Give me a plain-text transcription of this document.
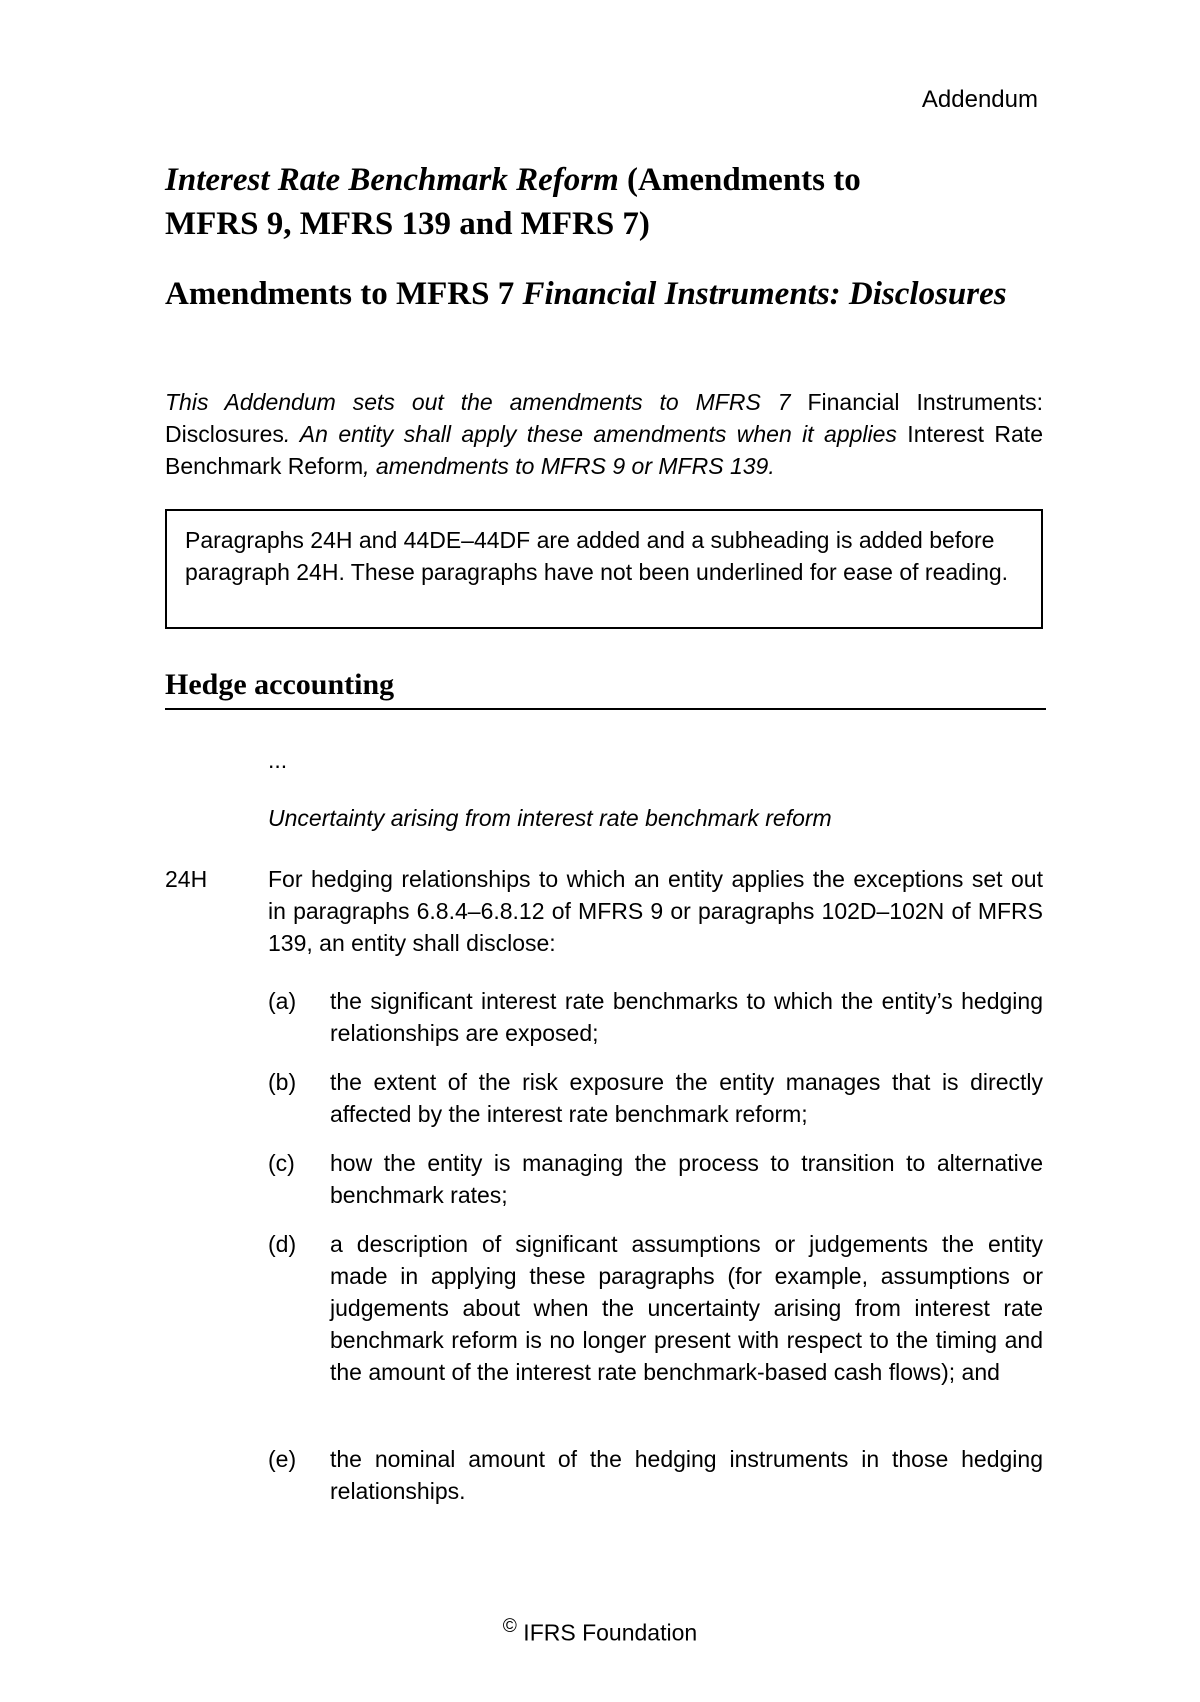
Addendum
Interest Rate Benchmark Reform (Amendments to
MFRS 9, MFRS 139 and MFRS 7)
Amendments to MFRS 7 Financial Instruments: Disclosures

This Addendum sets out the amendments to MFRS 7 Financial Instruments: Disclosures. An entity shall apply these amendments when it applies Interest Rate Benchmark Reform, amendments to MFRS 9 or MFRS 139.

Paragraphs 24H and 44DE–44DF are added and a subheading is added before paragraph 24H. These paragraphs have not been underlined for ease of reading.
Hedge accounting
...
Uncertainty arising from interest rate benchmark reform
24H	For hedging relationships to which an entity applies the exceptions set out in paragraphs 6.8.4–6.8.12 of MFRS 9 or paragraphs 102D–102N of MFRS 139, an entity shall disclose:

(a) the significant interest rate benchmarks to which the entity’s hedging relationships are exposed;
(b) the extent of the risk exposure the entity manages that is directly affected by the interest rate benchmark reform;
(c) how the entity is managing the process to transition to alternative benchmark rates;
(d) a description of significant assumptions or judgements the entity made in applying these paragraphs (for example, assumptions or judgements about when the uncertainty arising from interest rate benchmark reform is no longer present with respect to the timing and the amount of the interest rate benchmark-based cash flows); and
(e) the nominal amount of the hedging instruments in those hedging relationships.
© IFRS Foundation
